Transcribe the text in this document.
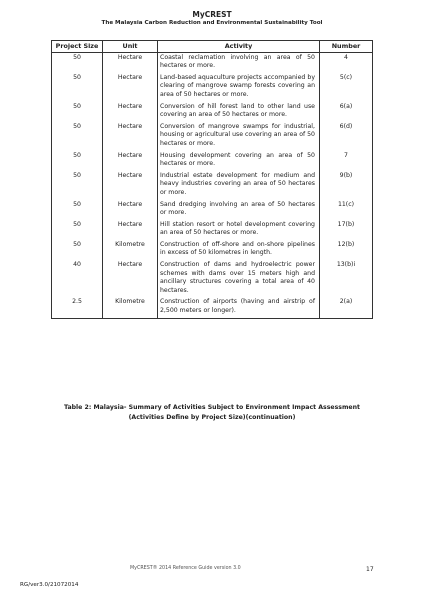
MyCREST
The Malaysia Carbon Reduction and Environmental Sustainability Tool
Project Size	Unit	Activity	Number
50	Hectare	Coastal reclamation involving an area of 50 hectares or more.	4
50	Hectare	Land-based aquaculture projects accompanied by clearing of mangrove swamp forests covering an area of 50 hectares or more.	5(c)
50	Hectare	Conversion of hill forest land to other land use covering an area of 50 hectares or more.	6(a)
50	Hectare	Conversion of mangrove swamps for industrial, housing or agricultural use covering an area of 50 hectares or more.	6(d)
50	Hectare	Housing development covering an area of 50 hectares or more.	7
50	Hectare	Industrial estate development for medium and heavy industries covering an area of 50 hectares or more.	9(b)
50	Hectare	Sand dredging involving an area of 50 hectares or more.	11(c)
50	Hectare	Hill station resort or hotel development covering an area of 50 hectares or more.	17(b)
50	Kilometre	Construction of off-shore and on-shore pipelines in excess of 50 kilometres in length.	12(b)
40	Hectare	Construction of dams and hydroelectric power schemes with dams over 15 meters high and ancillary structures covering a total area of 40 hectares.	13(b)i
2.5	Kilometre	Construction of airports (having and airstrip of 2,500 meters or longer).	2(a)
Table 2: Malaysia- Summary of Activities Subject to Environment Impact Assessment
(Activities Define by Project Size)(continuation)
MyCREST® 2014 Reference Guide version 3.0	17
RG/ver3.0/21072014
